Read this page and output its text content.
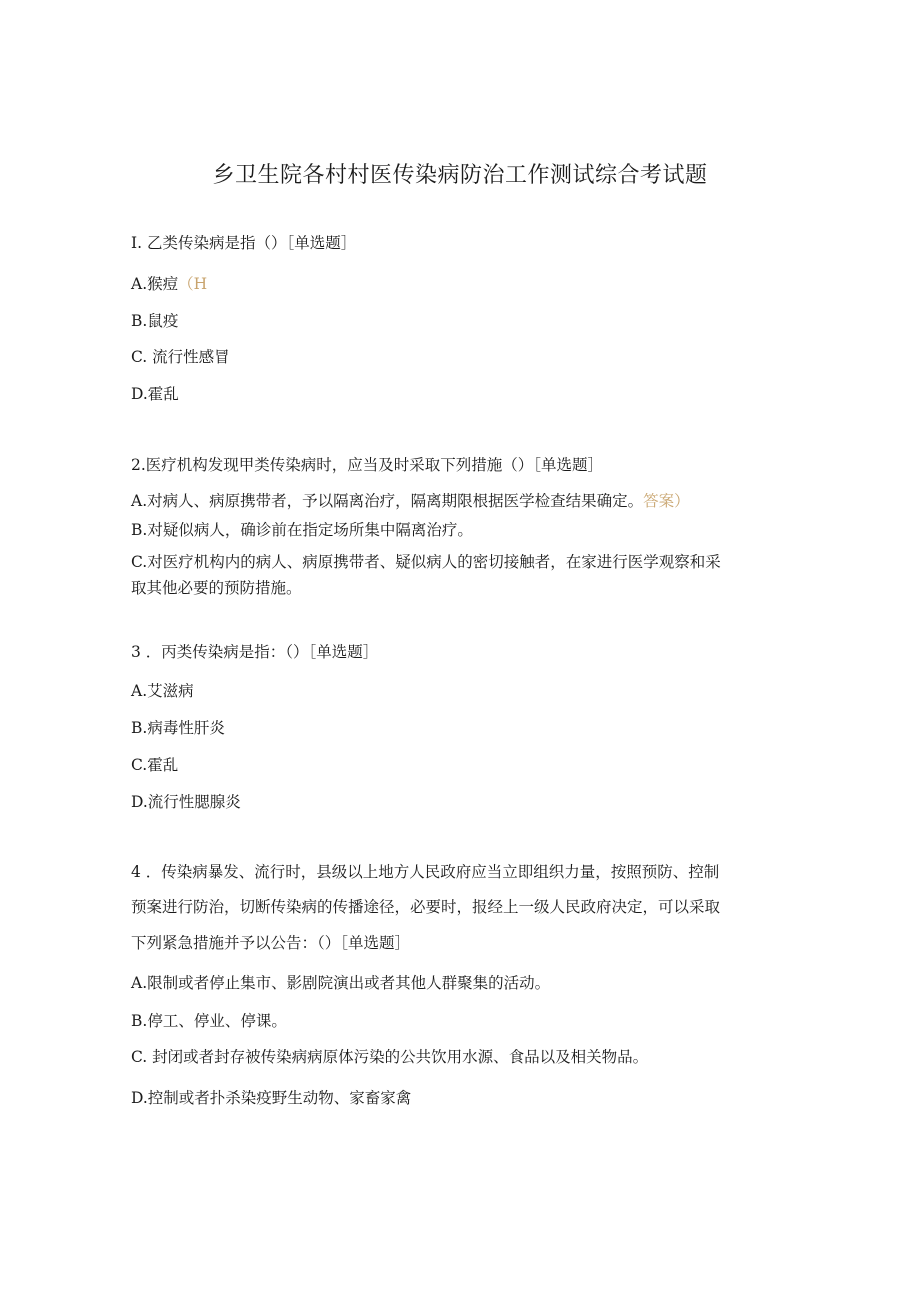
乡卫生院各村村医传染病防治工作测试综合考试题
I. 乙类传染病是指（）［单选题］
A.猴痘（H
B.鼠疫
C. 流行性感冒
D.霍乱
2.医疗机构发现甲类传染病时，应当及时采取下列措施（）［单选题］
A.对病人、病原携带者，予以隔离治疗，隔离期限根据医学检查结果确定。答案）
B.对疑似病人，确诊前在指定场所集中隔离治疗。
C.对医疗机构内的病人、病原携带者、疑似病人的密切接触者，在家进行医学观察和采
取其他必要的预防措施。
3 ．丙类传染病是指：（）［单选题］
A.艾滋病
B.病毒性肝炎
C.霍乱
D.流行性腮腺炎
4 ．传染病暴发、流行时，县级以上地方人民政府应当立即组织力量，按照预防、控制
预案进行防治，切断传染病的传播途径，必要时，报经上一级人民政府决定，可以采取
下列紧急措施并予以公告：（）［单选题］
A.限制或者停止集市、影剧院演出或者其他人群聚集的活动。
B.停工、停业、停课。
C. 封闭或者封存被传染病病原体污染的公共饮用水源、食品以及相关物品。
D.控制或者扑杀染疫野生动物、家畜家禽
